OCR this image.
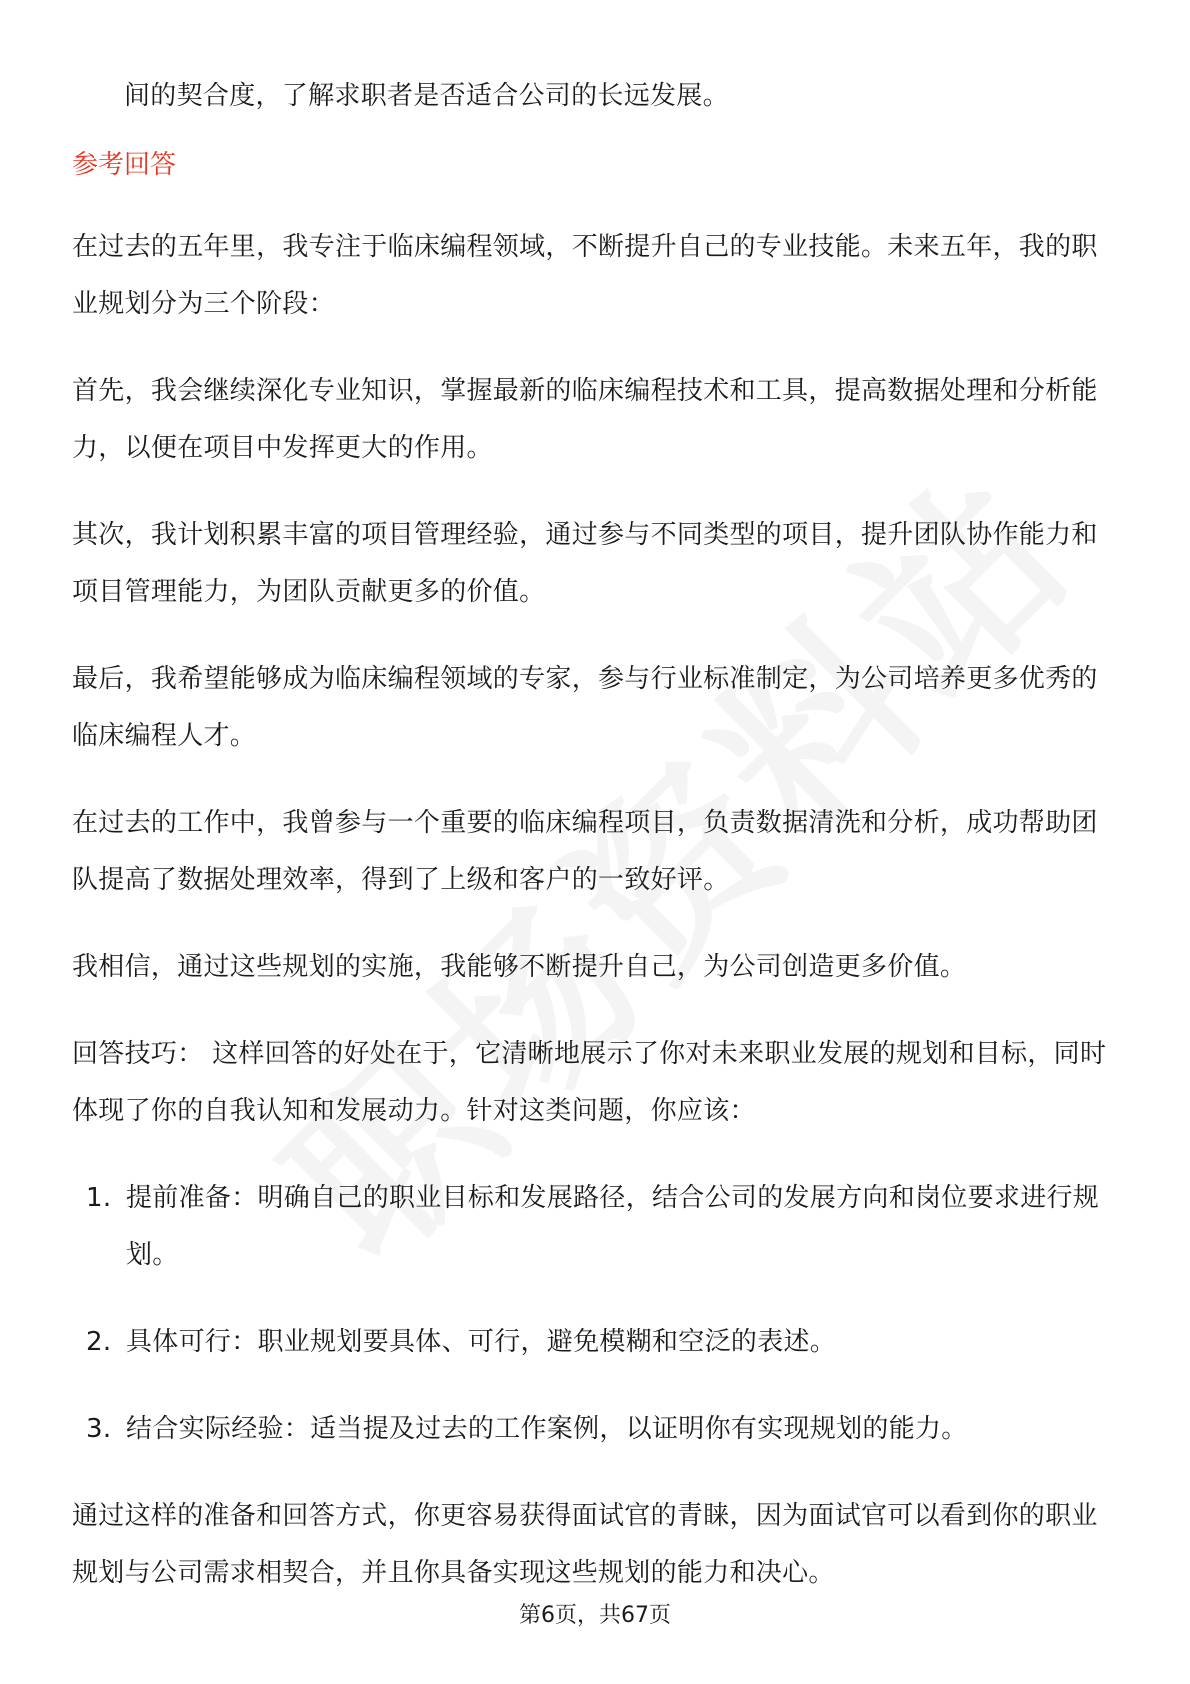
间的契合度，了解求职者是否适合公司的长远发展。

参考回答

在过去的五年里，我专注于临床编程领域，不断提升自己的专业技能。未来五年，我的职业规划分为三个阶段：

首先，我会继续深化专业知识，掌握最新的临床编程技术和工具，提高数据处理和分析能力，以便在项目中发挥更大的作用。

其次，我计划积累丰富的项目管理经验，通过参与不同类型的项目，提升团队协作能力和项目管理能力，为团队贡献更多的价值。

最后，我希望能够成为临床编程领域的专家，参与行业标准制定，为公司培养更多优秀的临床编程人才。

在过去的工作中，我曾参与一个重要的临床编程项目，负责数据清洗和分析，成功帮助团队提高了数据处理效率，得到了上级和客户的一致好评。

我相信，通过这些规划的实施，我能够不断提升自己，为公司创造更多价值。

回答技巧： 这样回答的好处在于，它清晰地展示了你对未来职业发展的规划和目标，同时体现了你的自我认知和发展动力。针对这类问题，你应该：

1. 提前准备：明确自己的职业目标和发展路径，结合公司的发展方向和岗位要求进行规划。
2. 具体可行：职业规划要具体、可行，避免模糊和空泛的表述。
3. 结合实际经验：适当提及过去的工作案例，以证明你有实现规划的能力。

通过这样的准备和回答方式，你更容易获得面试官的青睐，因为面试官可以看到你的职业规划与公司需求相契合，并且你具备实现这些规划的能力和决心。

第6页，共67页
